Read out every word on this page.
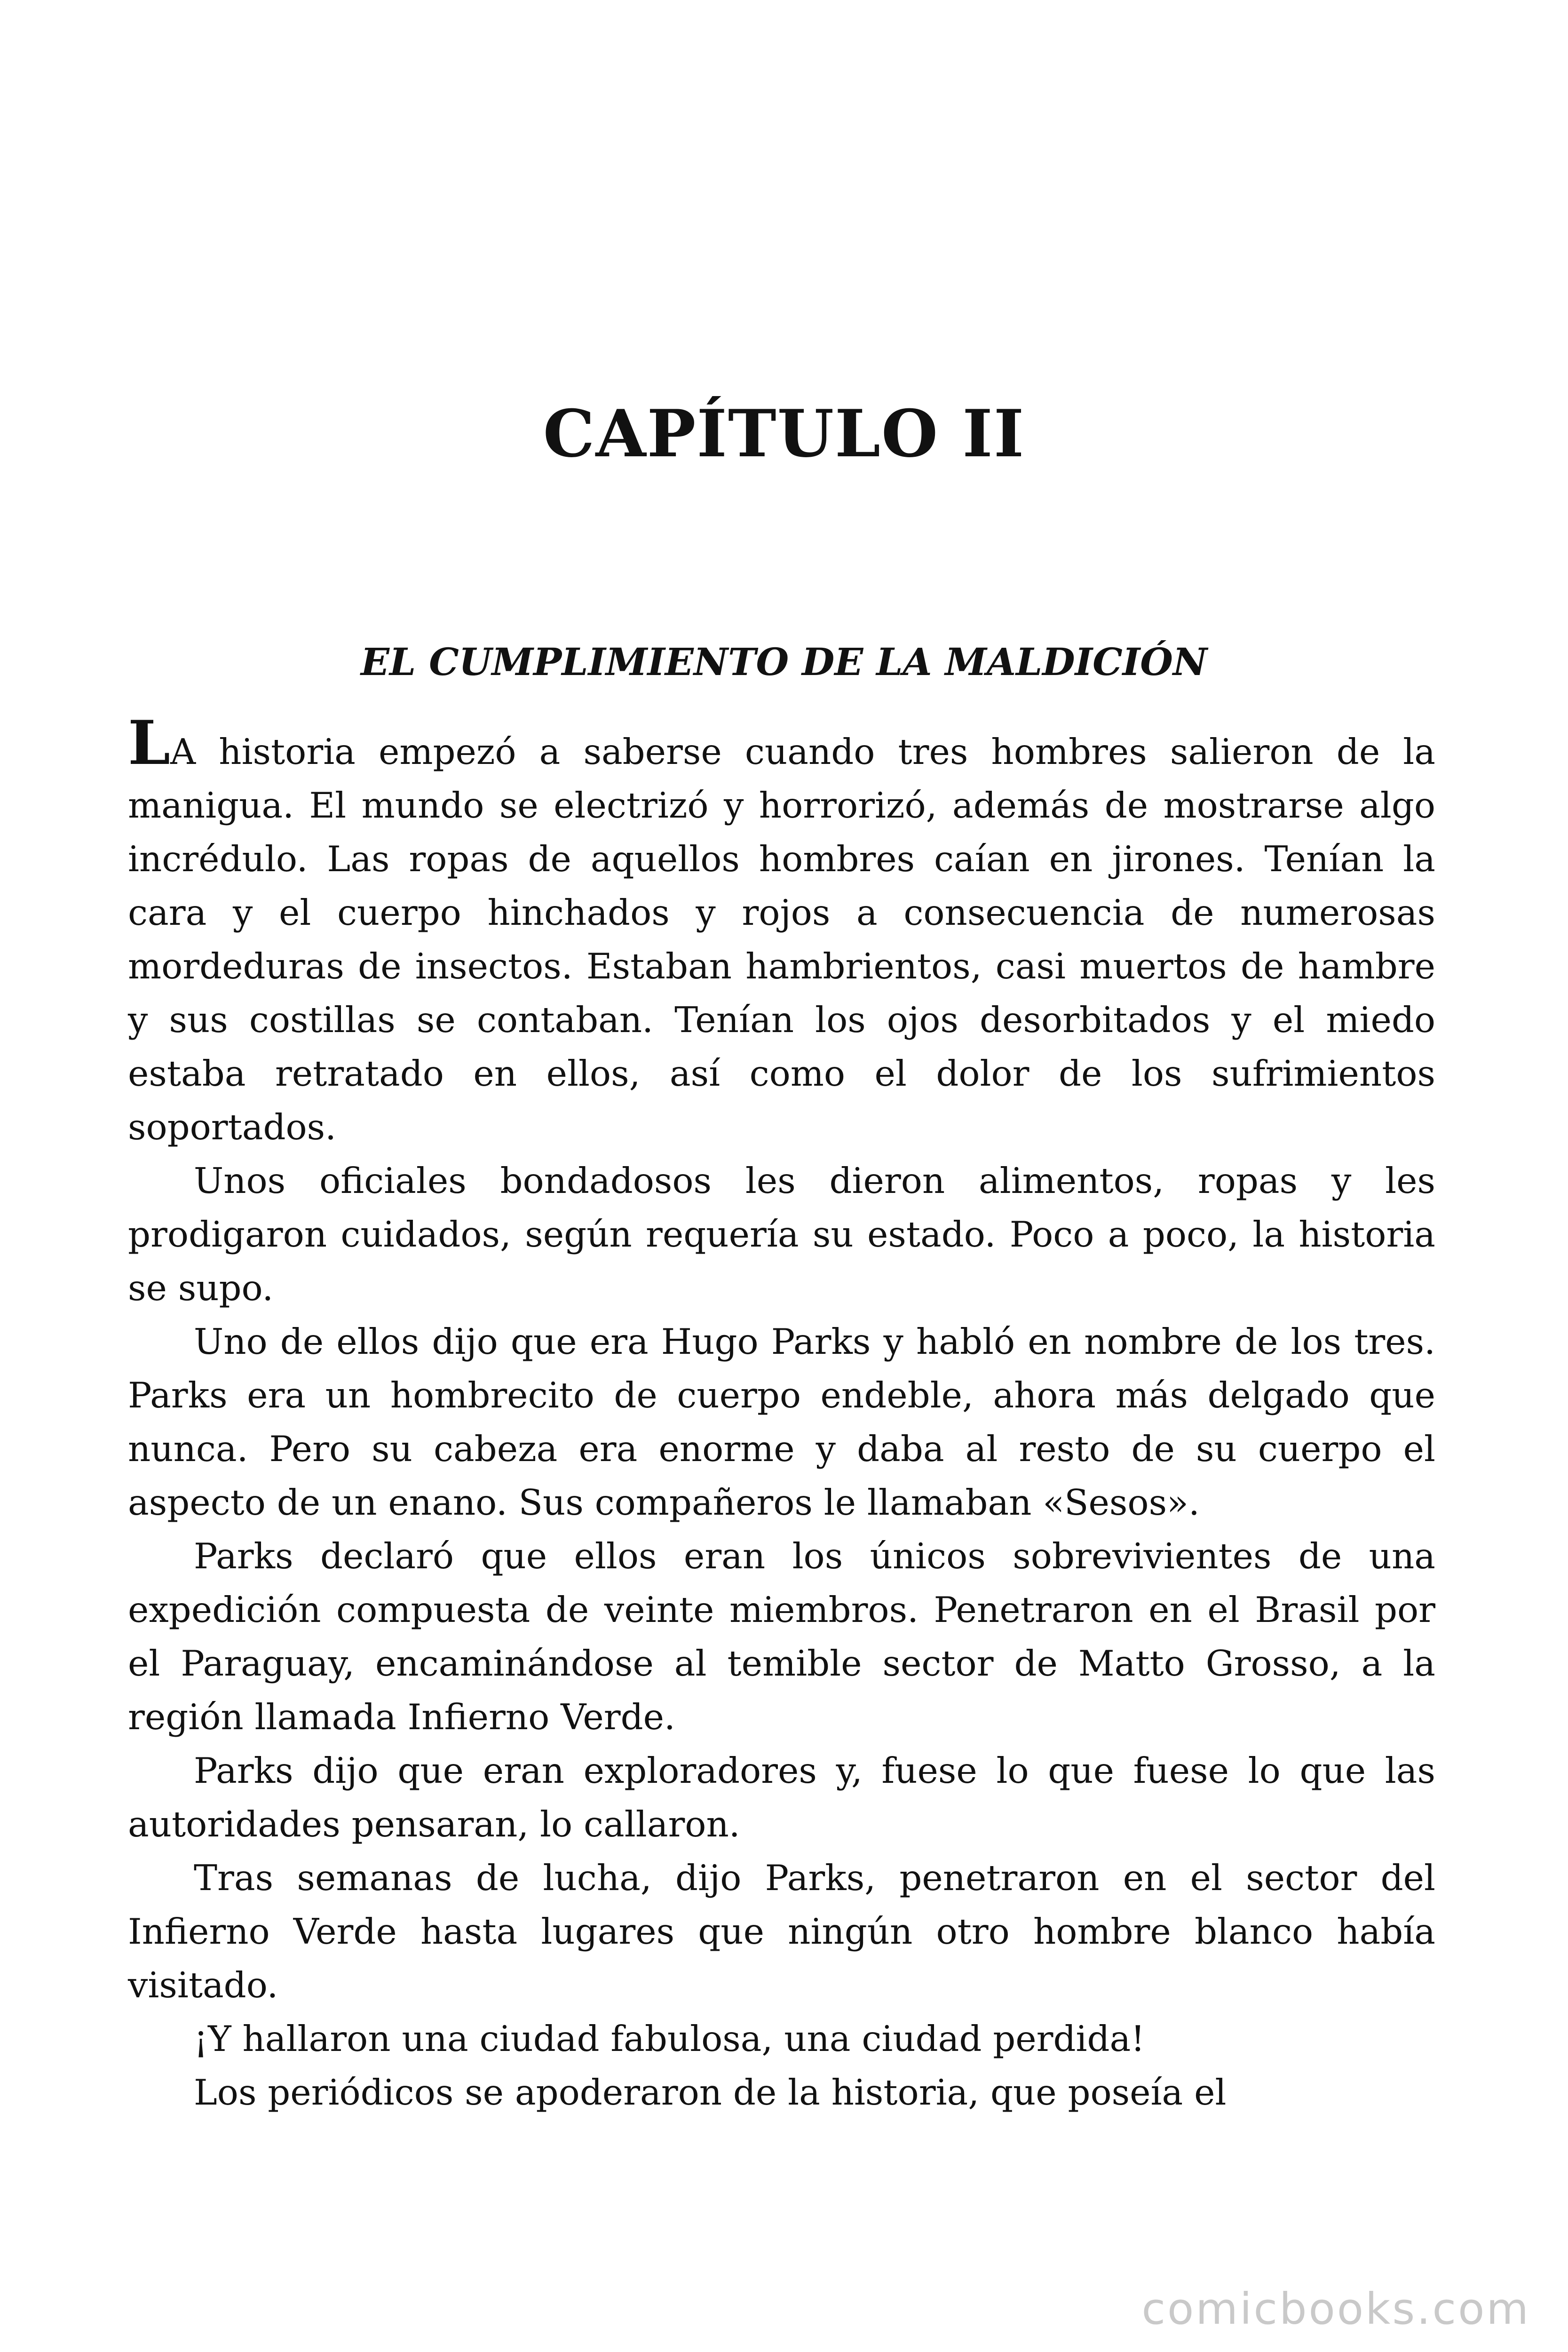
CAPÍTULO II
EL CUMPLIMIENTO DE LA MALDICIÓN

LA historia empezó a saberse cuando tres hombres salieron de la manigua. El mundo se electrizó y horrorizó, además de mostrarse algo incrédulo. Las ropas de aquellos hombres caían en jirones. Tenían la cara y el cuerpo hinchados y rojos a consecuencia de numerosas mordeduras de insectos. Estaban hambrientos, casi muertos de hambre y sus costillas se contaban. Tenían los ojos desorbitados y el miedo estaba retratado en ellos, así como el dolor de los sufrimientos soportados.

Unos oficiales bondadosos les dieron alimentos, ropas y les prodigaron cuidados, según requería su estado. Poco a poco, la historia se supo.

Uno de ellos dijo que era Hugo Parks y habló en nombre de los tres. Parks era un hombrecito de cuerpo endeble, ahora más delgado que nunca. Pero su cabeza era enorme y daba al resto de su cuerpo el aspecto de un enano. Sus compañeros le llamaban «Sesos».

Parks declaró que ellos eran los únicos sobrevivientes de una expedición compuesta de veinte miembros. Penetraron en el Brasil por el Paraguay, encaminándose al temible sector de Matto Grosso, a la región llamada Infierno Verde.

Parks dijo que eran exploradores y, fuese lo que fuese lo que las autoridades pensaran, lo callaron.

Tras semanas de lucha, dijo Parks, penetraron en el sector del Infierno Verde hasta lugares que ningún otro hombre blanco había visitado.

¡Y hallaron una ciudad fabulosa, una ciudad perdida!

Los periódicos se apoderaron de la historia, que poseía el

comicbooks.com
